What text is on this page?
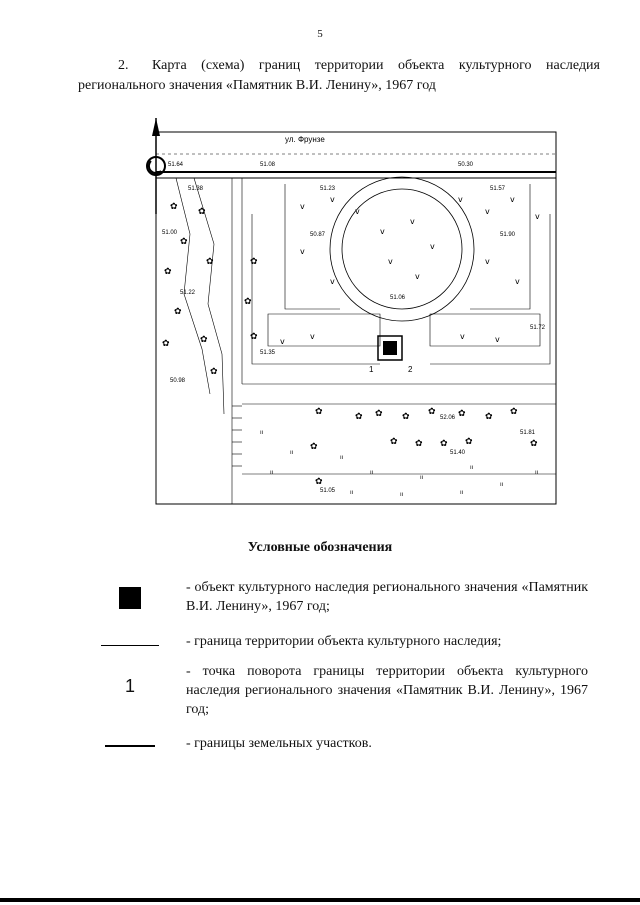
5
2. Карта (схема) границ территории объекта культурного наследия регионального значения «Памятник В.И. Ленину», 1967 год
ул. Фрунзе
1	2
51.64	51.08	50.30
51.38	51.23	51.57
51.00	50.87	51.90
51.22
51.06
51.72
51.35
50.98
52.06
51.81
51.40
51.05
✿ ✿
✿
✿
✿
✿
✿	✿
✿
✿
✿
✿
✿	✿ ✿ ✿ ✿ ✿
✿ ✿ ✿ ✿
✿	✿
✿ ✿
✿
v
v
v
v
v
v
v
v
v
v
v
v
v
v
v
v
v	v	v
v
ıı
ıı
ıı
ıı
ıı
ıı
ıı
ıı
ıı
ıı	ıı	ıı
Условные обозначения
- объект культурного наследия регионального значения «Памятник В.И. Ленину», 1967 год;
- граница территории объекта культурного наследия;
1
- точка поворота границы территории объекта культурного наследия регионального значения «Памятник В.И. Ленину», 1967 год;
- границы земельных участков.
